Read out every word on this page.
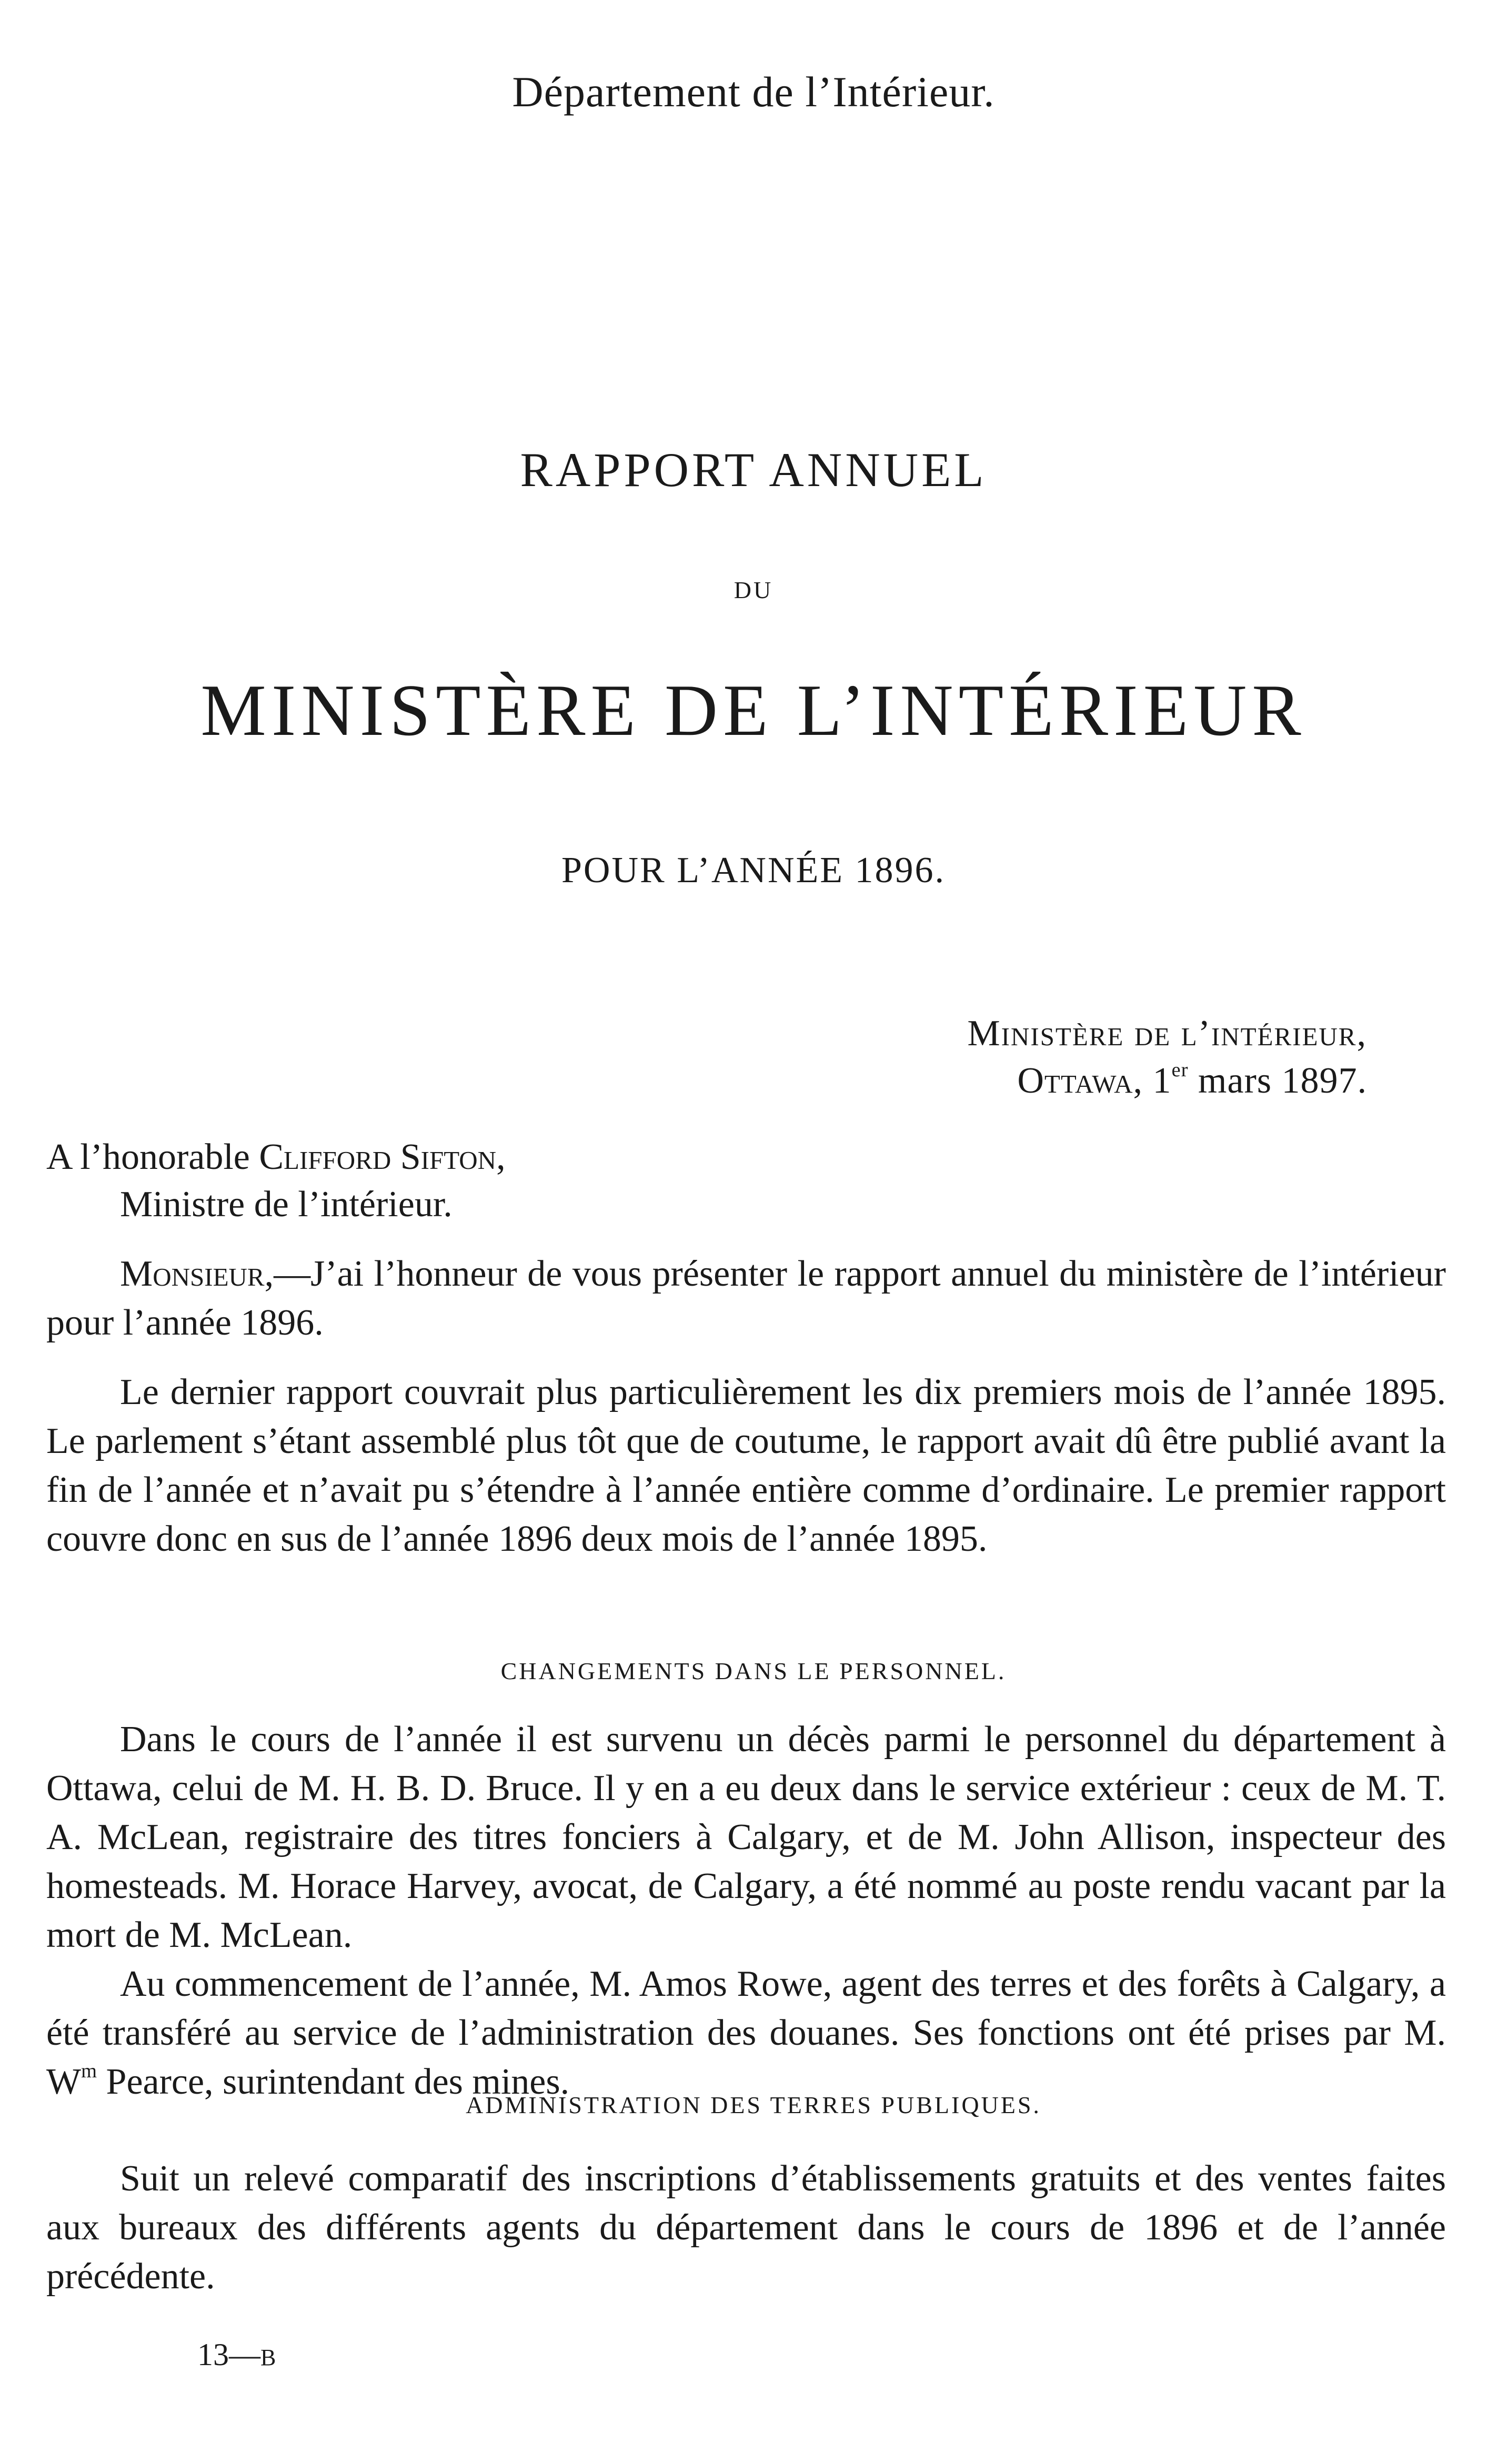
Département de l’Intérieur.
RAPPORT ANNUEL
DU
MINISTÈRE DE L’INTÉRIEUR
POUR L’ANNÉE 1896.
Ministère de l’intérieur,
Ottawa, 1er mars 1897.
A l’honorable Clifford Sifton,
Ministre de l’intérieur.

Monsieur,—J’ai l’honneur de vous présenter le rapport annuel du ministère de l’intérieur pour l’année 1896.

Le dernier rapport couvrait plus particulièrement les dix premiers mois de l’année 1895. Le parlement s’étant assemblé plus tôt que de coutume, le rapport avait dû être publié avant la fin de l’année et n’avait pu s’étendre à l’année entière comme d’ordinaire. Le premier rapport couvre donc en sus de l’année 1896 deux mois de l’année 1895.

CHANGEMENTS DANS LE PERSONNEL.

Dans le cours de l’année il est survenu un décès parmi le personnel du département à Ottawa, celui de M. H. B. D. Bruce. Il y en a eu deux dans le service extérieur : ceux de M. T. A. McLean, registraire des titres fonciers à Calgary, et de M. John Allison, inspecteur des homesteads. M. Horace Harvey, avocat, de Calgary, a été nommé au poste rendu vacant par la mort de M. McLean.

Au commencement de l’année, M. Amos Rowe, agent des terres et des forêts à Calgary, a été transféré au service de l’administration des douanes. Ses fonctions ont été prises par M. $W^m$ Pearce, surintendant des mines.

ADMINISTRATION DES TERRES PUBLIQUES.

Suit un relevé comparatif des inscriptions d’établissements gratuits et des ventes faites aux bureaux des différents agents du département dans le cours de 1896 et de l’année précédente.

13—B
